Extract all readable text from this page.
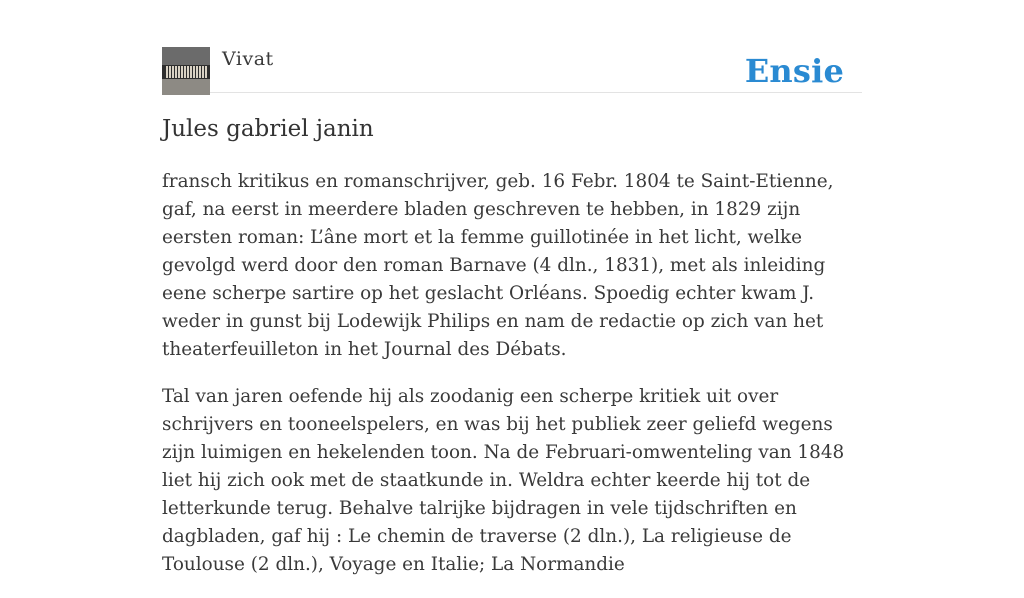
Vivat	Ensie
Jules gabriel janin

fransch kritikus en romanschrijver, geb. 16 Febr. 1804 te Saint-Etienne, gaf, na eerst in meerdere bladen geschreven te hebben, in 1829 zijn eersten roman: L’âne mort et la femme guillotinée in het licht, welke gevolgd werd door den roman Barnave (4 dln., 1831), met als inleiding eene scherpe sartire op het geslacht Orléans. Spoedig echter kwam J. weder in gunst bij Lodewijk Philips en nam de redactie op zich van het theaterfeuilleton in het Journal des Débats.

Tal van jaren oefende hij als zoodanig een scherpe kritiek uit over schrijvers en tooneelspelers, en was bij het publiek zeer geliefd wegens zijn luimigen en hekelenden toon. Na de Februari-omwenteling van 1848 liet hij zich ook met de staatkunde in. Weldra echter keerde hij tot de letterkunde terug. Behalve talrijke bijdragen in vele tijdschriften en dagbladen, gaf hij : Le chemin de traverse (2 dln.), La religieuse de Toulouse (2 dln.), Voyage en Italie; La Normandie
